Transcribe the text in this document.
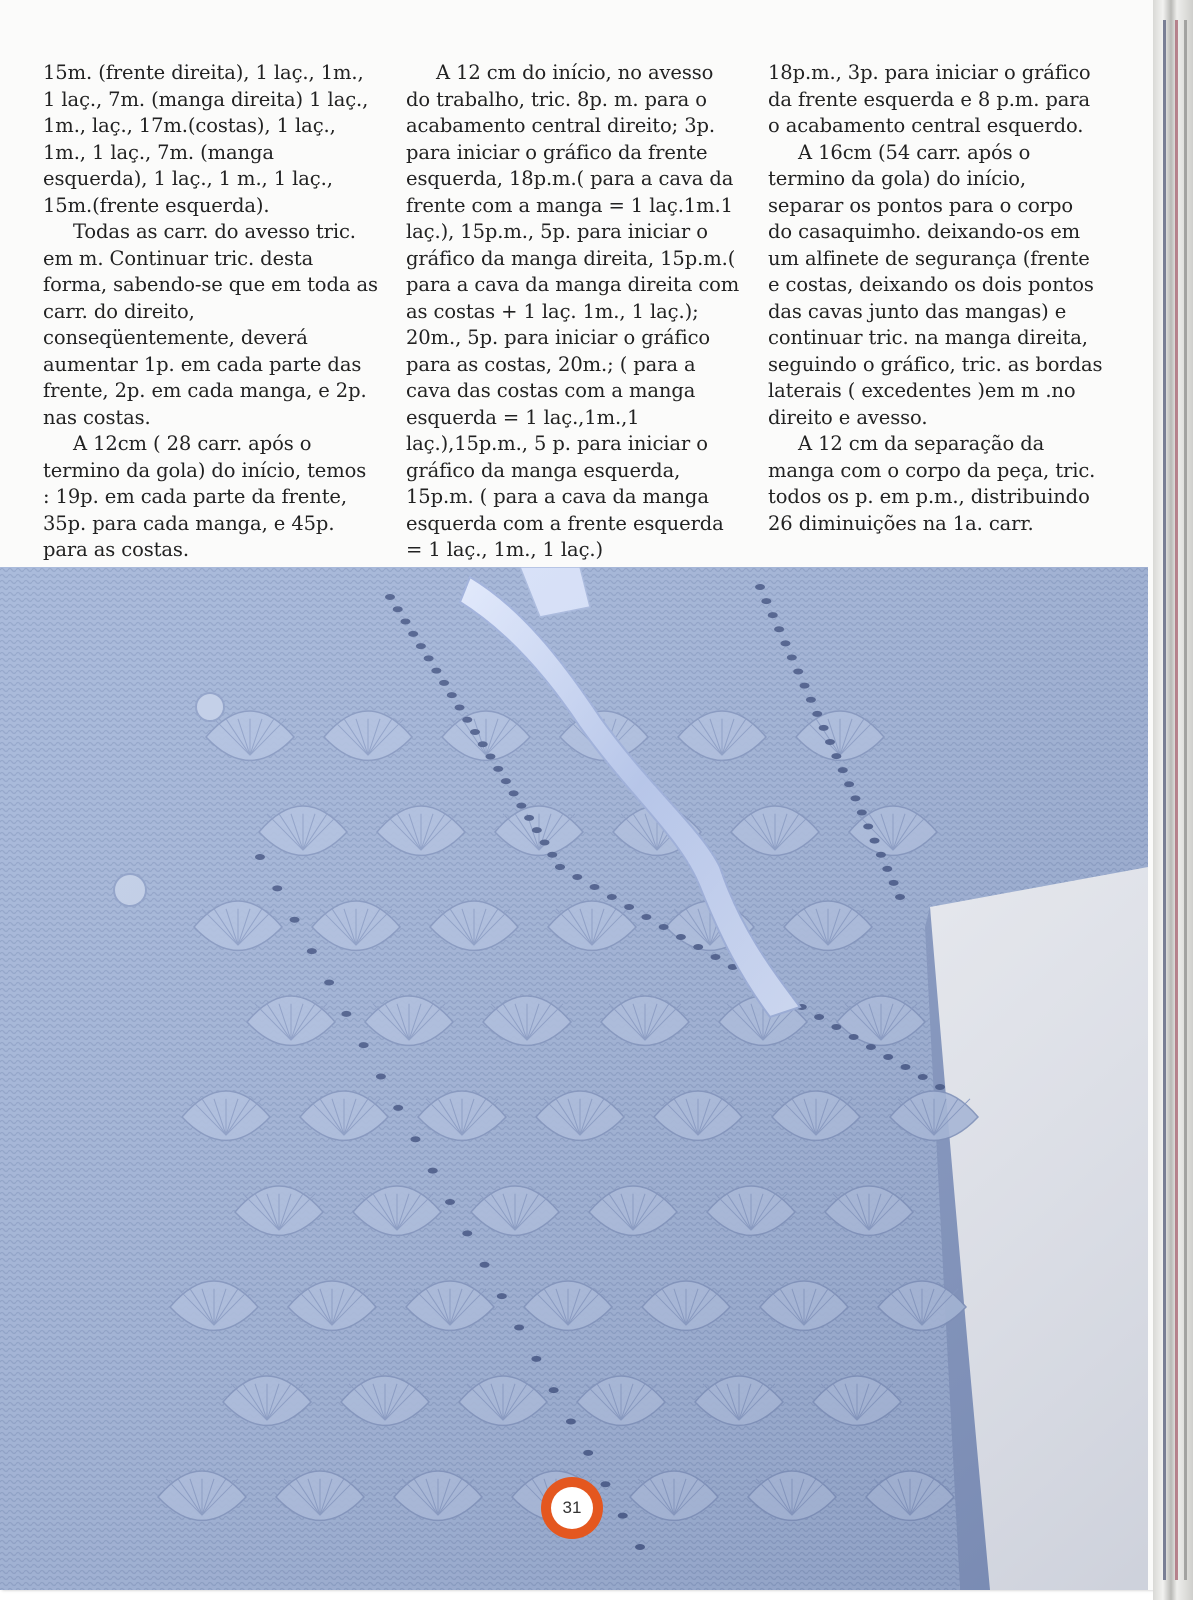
15m. (frente direita), 1 laç., 1m., 1 laç., 7m. (manga direita) 1 laç., 1m., laç., 17m.(costas), 1 laç., 1m., 1 laç., 7m. (manga esquerda), 1 laç., 1 m., 1 laç., 15m.(frente esquerda).

Todas as carr. do avesso tric. em m. Continuar tric. desta forma, sabendo-se que em toda as carr. do direito, conseqüentemente, deverá aumentar 1p. em cada parte das frente, 2p. em cada manga, e 2p. nas costas.

A 12cm ( 28 carr. após o termino da gola) do início, temos : 19p. em cada parte da frente, 35p. para cada manga, e 45p. para as costas.

A 12 cm do início, no avesso do trabalho, tric. 8p. m. para o acabamento central direito; 3p. para iniciar o gráfico da frente esquerda, 18p.m.( para a cava da frente com a manga = 1 laç.1m.1 laç.), 15p.m., 5p. para iniciar o gráfico da manga direita, 15p.m.( para a cava da manga direita com as costas + 1 laç. 1m., 1 laç.); 20m., 5p. para iniciar o gráfico para as costas, 20m.; ( para a cava das costas com a manga esquerda = 1 laç.,1m.,1 laç.),15p.m., 5 p. para iniciar o gráfico da manga esquerda, 15p.m. ( para a cava da manga esquerda com a frente esquerda = 1 laç., 1m., 1 laç.)

18p.m., 3p. para iniciar o gráfico da frente esquerda e 8 p.m. para o acabamento central esquerdo.

A 16cm (54 carr. após o termino da gola) do início, separar os pontos para o corpo do casaquimho. deixando-os em um alfinete de segurança (frente e costas, deixando os dois pontos das cavas junto das mangas) e continuar tric. na manga direita, seguindo o gráfico, tric. as bordas laterais ( excedentes )em m .no direito e avesso.

A 12 cm da separação da manga com o corpo da peça, tric. todos os p. em p.m., distribuindo 26 diminuições na 1a. carr.

31
